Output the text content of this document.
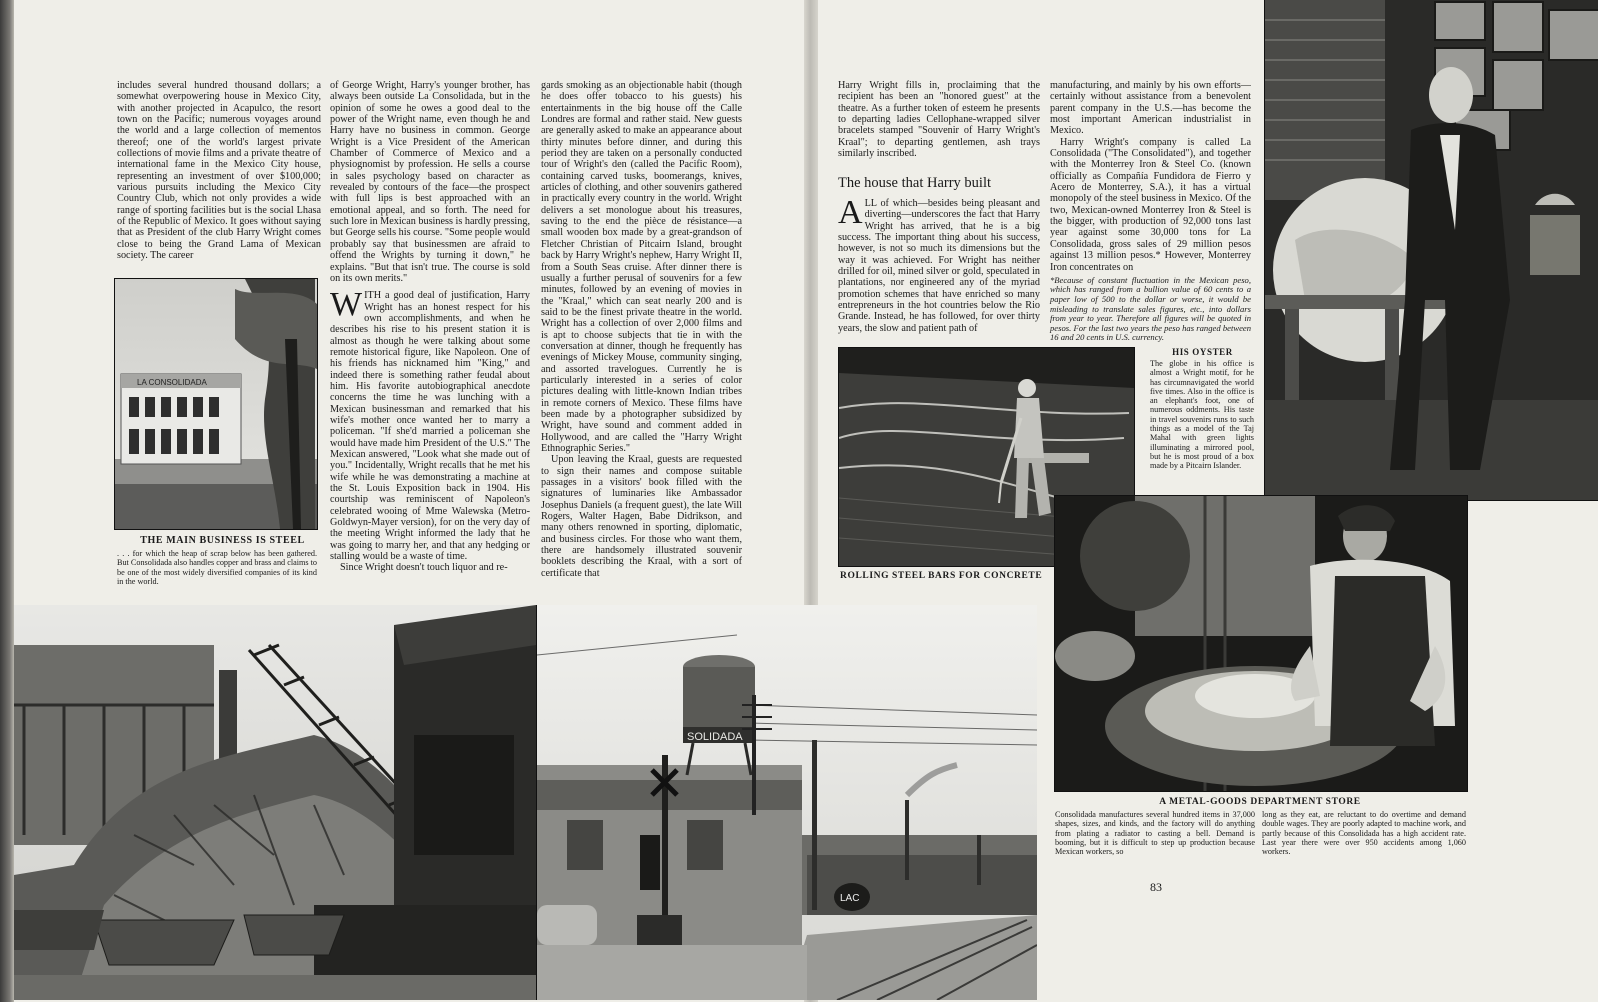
includes several hundred thousand dollars; a somewhat overpowering house in Mexico City, with another projected in Acapulco, the resort town on the Pacific; numerous voyages around the world and a large collection of mementos thereof; one of the world's largest private collections of movie films and a private theatre of international fame in the Mexico City house, representing an investment of over $100,000; various pursuits including the Mexico City Country Club, which not only provides a wide range of sporting facilities but is the social Lhasa of the Republic of Mexico. It goes without saying that as President of the club Harry Wright comes close to being the Grand Lama of Mexican society. The career

of George Wright, Harry's younger brother, has always been outside La Consolidada, but in the opinion of some he owes a good deal to the power of the Wright name, even though he and Harry have no business in common. George Wright is a Vice President of the American Chamber of Commerce of Mexico and a physiognomist by profession. He sells a course in sales psychology based on character as revealed by contours of the face—the prospect with full lips is best approached with an emotional appeal, and so forth. The need for such lore in Mexican business is hardly pressing, but George sells his course. "Some people would probably say that businessmen are afraid to offend the Wrights by turning it down," he explains. "But that isn't true. The course is sold on its own merits."

WITH a good deal of justification, Harry Wright has an honest respect for his own accomplishments, and when he describes his rise to his present station it is almost as though he were talking about some remote historical figure, like Napoleon. One of his friends has nicknamed him "King," and indeed there is something rather feudal about him. His favorite autobiographical anecdote concerns the time he was lunching with a Mexican businessman and remarked that his wife's mother once wanted her to marry a policeman. "If she'd married a policeman she would have made him President of the U.S." The Mexican answered, "Look what she made out of you." Incidentally, Wright recalls that he met his wife while he was demonstrating a machine at the St. Louis Exposition back in 1904. His courtship was reminiscent of Napoleon's celebrated wooing of Mme Walewska (Metro-Goldwyn-Mayer version), for on the very day of the meeting Wright informed the lady that he was going to marry her, and that any hedging or stalling would be a waste of time.

Since Wright doesn't touch liquor and re-

gards smoking as an objectionable habit (though he does offer tobacco to his guests) his entertainments in the big house off the Calle Londres are formal and rather staid. New guests are generally asked to make an appearance about thirty minutes before dinner, and during this period they are taken on a personally conducted tour of Wright's den (called the Pacific Room), containing carved tusks, boomerangs, knives, articles of clothing, and other souvenirs gathered in practically every country in the world. Wright delivers a set monologue about his treasures, saving to the end the pièce de résistance—a small wooden box made by a great-grandson of Fletcher Christian of Pitcairn Island, brought back by Harry Wright's nephew, Harry Wright II, from a South Seas cruise. After dinner there is usually a further perusal of souvenirs for a few minutes, followed by an evening of movies in the "Kraal," which can seat nearly 200 and is said to be the finest private theatre in the world. Wright has a collection of over 2,000 films and is apt to choose subjects that tie in with the conversation at dinner, though he frequently has evenings of Mickey Mouse, community singing, and assorted travelogues. Currently he is particularly interested in a series of color pictures dealing with little-known Indian tribes in remote corners of Mexico. These films have been made by a photographer subsidized by Wright, have sound and comment added in Hollywood, and are called the "Harry Wright Ethnographic Series."

Upon leaving the Kraal, guests are requested to sign their names and compose suitable passages in a visitors' book filled with the signatures of luminaries like Ambassador Josephus Daniels (a frequent guest), the late Will Rogers, Walter Hagen, Babe Didrikson, and many others renowned in sporting, diplomatic, and business circles. For those who want them, there are handsomely illustrated souvenir booklets describing the Kraal, with a sort of certificate that

LA CONSOLIDADA
THE MAIN BUSINESS IS STEEL
. . . for which the heap of scrap below has been gathered. But Consolidada also handles copper and brass and claims to be one of the most widely diversified companies of its kind in the world.
SOLIDADA
LAC

Harry Wright fills in, proclaiming that the recipient has been an "honored guest" at the theatre. As a further token of esteem he presents to departing ladies Cellophane-wrapped silver bracelets stamped "Souvenir of Harry Wright's Kraal"; to departing gentlemen, ash trays similarly inscribed.

The house that Harry built

ALL of which—besides being pleasant and diverting—underscores the fact that Harry Wright has arrived, that he is a big success. The important thing about his success, however, is not so much its dimensions but the way it was achieved. For Wright has neither drilled for oil, mined silver or gold, speculated in plantations, nor engineered any of the myriad promotion schemes that have enriched so many entrepreneurs in the hot countries below the Rio Grande. Instead, he has followed, for over thirty years, the slow and patient path of

manufacturing, and mainly by his own efforts—certainly without assistance from a benevolent parent company in the U.S.—has become the most important American industrialist in Mexico.

Harry Wright's company is called La Consolidada ("The Consolidated"), and together with the Monterrey Iron & Steel Co. (known officially as Compañía Fundidora de Fierro y Acero de Monterrey, S.A.), it has a virtual monopoly of the steel business in Mexico. Of the two, Mexican-owned Monterrey Iron & Steel is the bigger, with production of 92,000 tons last year against some 30,000 tons for La Consolidada, gross sales of 29 million pesos against 13 million pesos.* However, Monterrey Iron concentrates on

*Because of constant fluctuation in the Mexican peso, which has ranged from a bullion value of 60 cents to a paper low of 500 to the dollar or worse, it would be misleading to translate sales figures, etc., into dollars from year to year. Therefore all figures will be quoted in pesos. For the last two years the peso has ranged between 16 and 20 cents in U.S. currency.

ROLLING STEEL BARS FOR CONCRETE
HIS OYSTER
The globe in his office is almost a Wright motif, for he has circumnavigated the world five times. Also in the office is an elephant's foot, one of numerous oddments. His taste in travel souvenirs runs to such things as a model of the Taj Mahal with green lights illuminating a mirrored pool, but he is most proud of a box made by a Pitcairn Islander.
A METAL-GOODS DEPARTMENT STORE
Consolidada manufactures several hundred items in 37,000 shapes, sizes, and kinds, and the factory will do anything from plating a radiator to casting a bell. Demand is booming, but it is difficult to step up production because Mexican workers, so
long as they eat, are reluctant to do overtime and demand double wages. They are poorly adapted to machine work, and partly because of this Consolidada has a high accident rate. Last year there were over 950 accidents among 1,060 workers.
83
